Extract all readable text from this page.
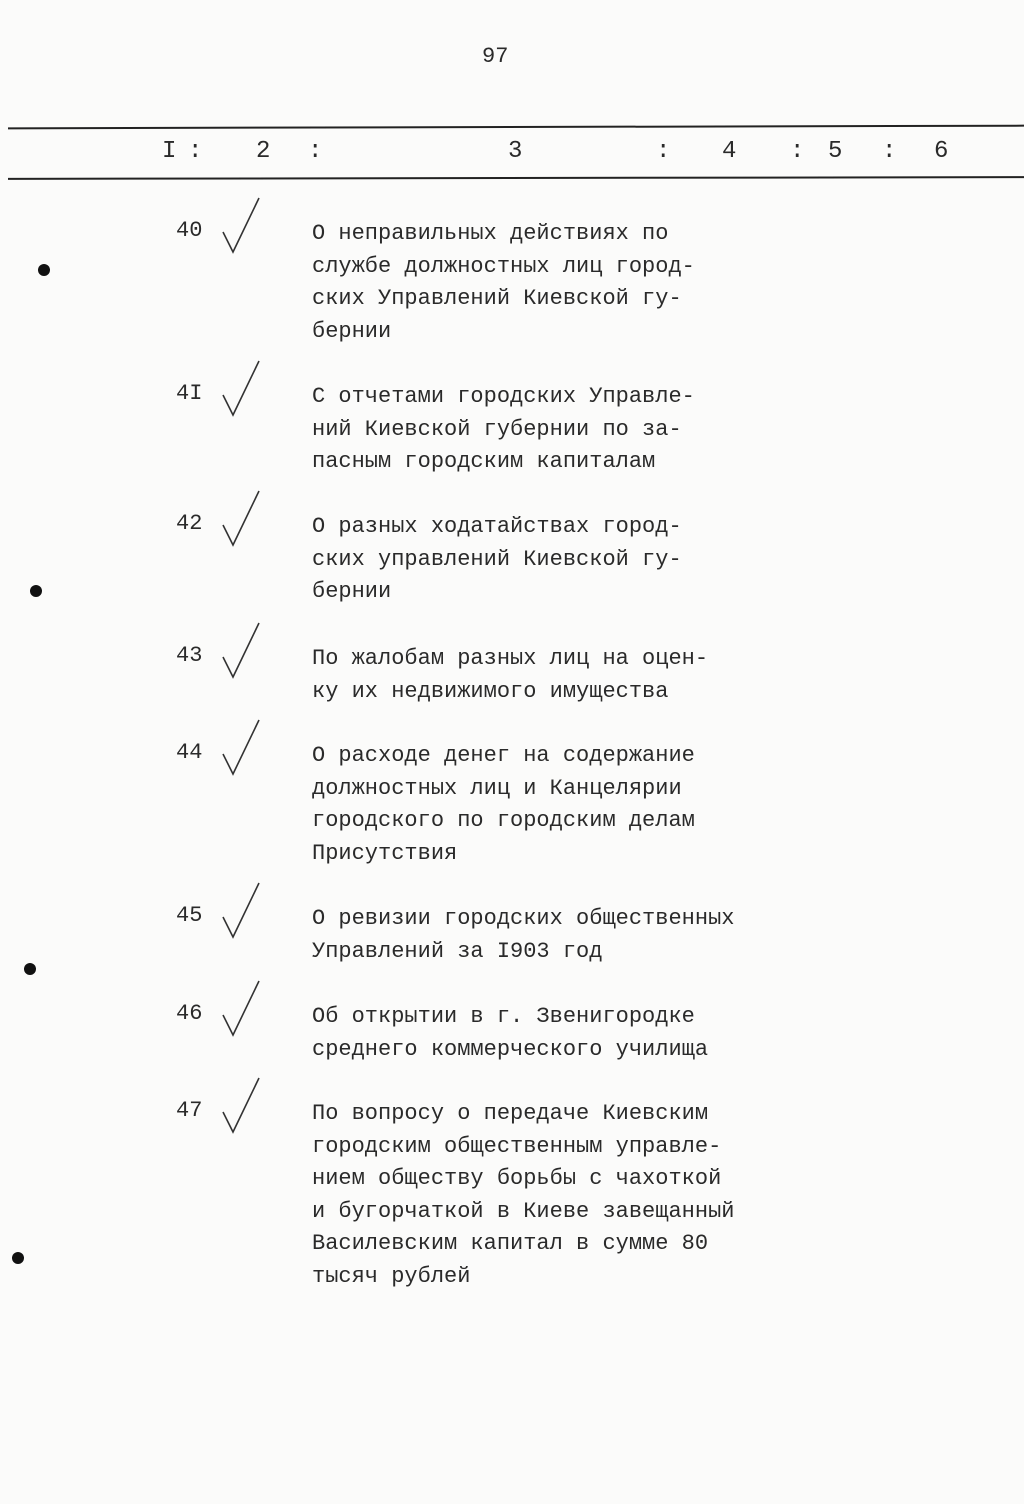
97
I : 2 :	3	: 4 : 5 : 6
40	О неправильных действиях по
службе должностных лиц город-
ских Управлений Киевской гу-
бернии
4I	С отчетами городских Управле-
ний Киевской губернии по за-
пасным городским капиталам
42	О разных ходатайствах город-
ских управлений Киевской гу-
бернии
43	По жалобам разных лиц на оцен-
ку их недвижимого имущества
44	О расходе денег на содержание
должностных лиц и Канцелярии
городского по городским делам
Присутствия
45	О ревизии городских общественных
Управлений за I903 год
46	Об открытии в г. Звенигородке
среднего коммерческого училища
47	По вопросу о передаче Киевским
городским общественным управле-
нием обществу борьбы с чахоткой
и бугорчаткой в Киеве завещанный
Василевским капитал в сумме 80
тысяч рублей
